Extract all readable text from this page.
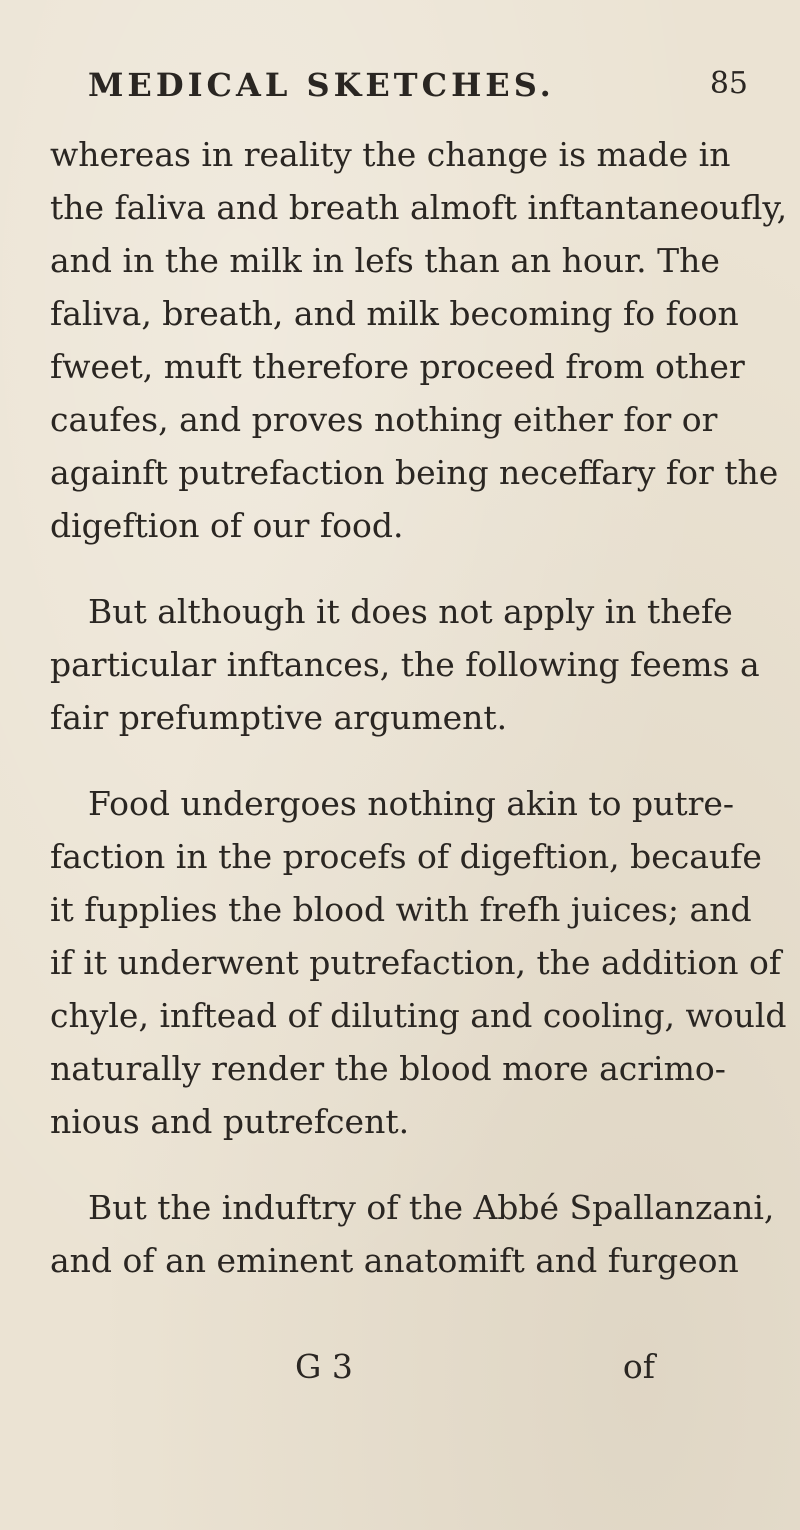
MEDICAL SKETCHES.	85
whereas in reality the change is made in
the faliva and breath almoft inftantaneoufly,
and in the milk in lefs than an hour. The
faliva, breath, and milk becoming fo foon
fweet, muft therefore proceed from other
caufes, and proves nothing either for or
againft putrefaction being neceffary for the
digeftion of our food.
But although it does not apply in thefe
particular inftances, the following feems a
fair prefumptive argument.
Food undergoes nothing akin to putre-
faction in the procefs of digeftion, becaufe
it fupplies the blood with frefh juices; and
if it underwent putrefaction, the addition of
chyle, inftead of diluting and cooling, would
naturally render the blood more acrimo-
nious and putrefcent.
But the induftry of the Abbé Spallanzani,
and of an eminent anatomift and furgeon
G 3	of
